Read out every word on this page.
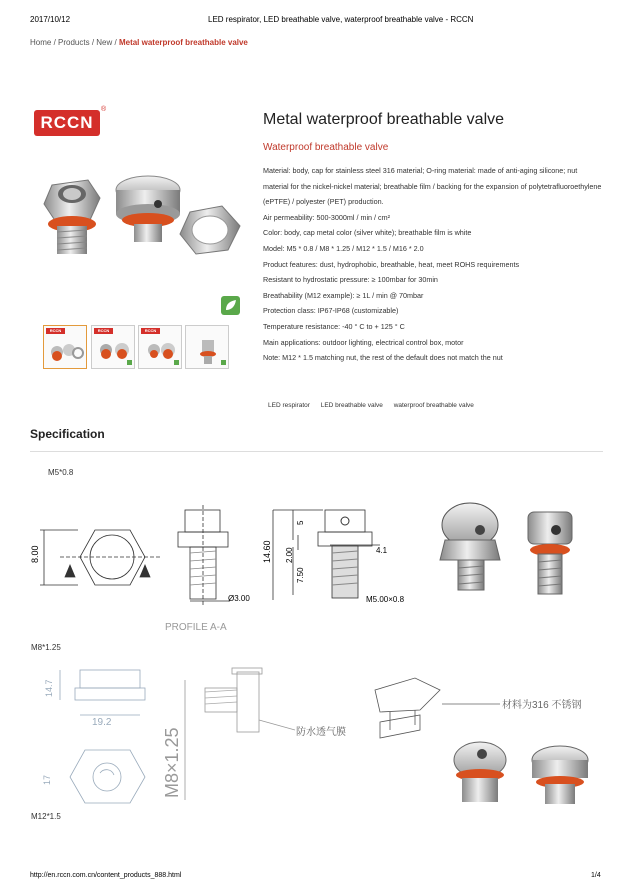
2017/10/12	LED respirator, LED breathable valve, waterproof breathable valve - RCCN
Home / Products / New / Metal waterproof breathable valve
RCCN
®
RCCN	RCCN	RCCN
Metal waterproof breathable valve
Waterproof breathable valve
Material: body, cap for stainless steel 316 material; O-ring material: made of anti-aging silicone; nut material for the nickel-nickel material; breathable film / backing for the expansion of polytetrafluoroethylene (ePTFE) / polyester (PET) production.
Air permeability: 500-3000ml / min / cm²
Color: body, cap metal color (silver white); breathable film is white
Model: M5 * 0.8 / M8 * 1.25 / M12 * 1.5 / M16 * 2.0
Product features: dust, hydrophobic, breathable, heat, meet ROHS requirements
Resistant to hydrostatic pressure: ≥ 100mbar for 30min
Breathability (M12 example): ≥ 1L / min @ 70mbar
Protection class: IP67-IP68 (customizable)
Temperature resistance: -40 ° C to + 125 ° C
Main applications: outdoor lighting, electrical control box, motor
Note: M12 * 1.5 matching nut, the rest of the default does not match the nut
LED respirator LED breathable valve waterproof breathable valve
Specification
M5*0.8
8.00
Ø3.00
PROFILE A-A
14.60
5
2.00
7.50
4.1
M5.00×0.8
M8*1.25
14.7
19.2
17	M8×1.25	防水透气膜
材料为316 不锈钢
M12*1.5
http://en.rccn.com.cn/content_products_888.html	1/4
